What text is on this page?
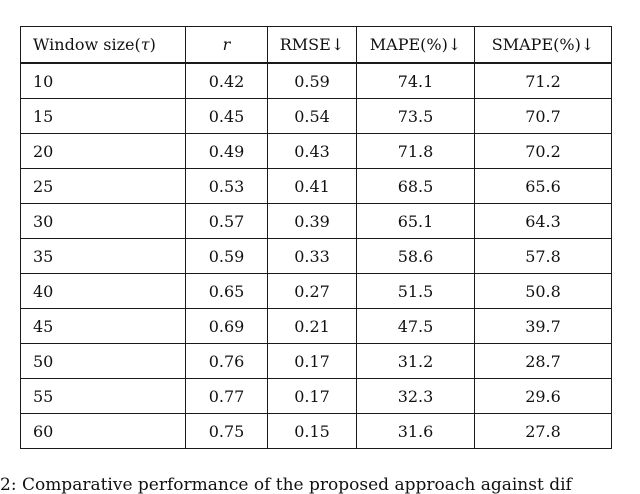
Window size(τ)	r	RMSE↓	MAPE(%)↓	SMAPE(%)↓
10	0.42	0.59	74.1	71.2
15	0.45	0.54	73.5	70.7
20	0.49	0.43	71.8	70.2
25	0.53	0.41	68.5	65.6
30	0.57	0.39	65.1	64.3
35	0.59	0.33	58.6	57.8
40	0.65	0.27	51.5	50.8
45	0.69	0.21	47.5	39.7
50	0.76	0.17	31.2	28.7
55	0.77	0.17	32.3	29.6
60	0.75	0.15	31.6	27.8
2: Comparative performance of the proposed approach against dif
